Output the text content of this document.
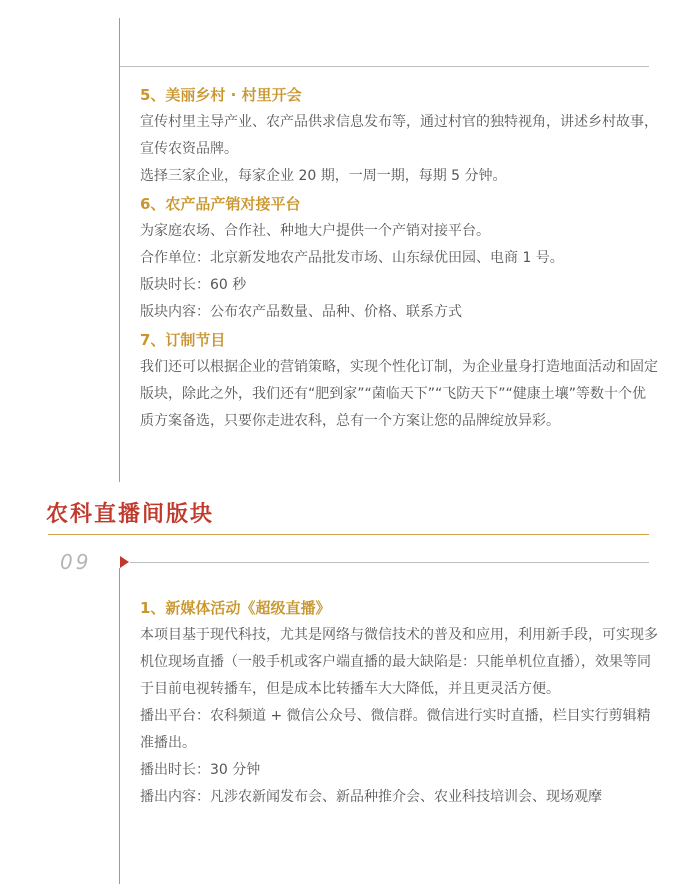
5、美丽乡村 · 村里开会

宣传村里主导产业、农产品供求信息发布等，通过村官的独特视角，讲述乡村故事，宣传农资品牌。

选择三家企业，每家企业 20 期，一周一期，每期 5 分钟。

6、农产品产销对接平台

为家庭农场、合作社、种地大户提供一个产销对接平台。

合作单位：北京新发地农产品批发市场、山东绿优田园、电商 1 号。

版块时长：60 秒

版块内容：公布农产品数量、品种、价格、联系方式

7、订制节目

我们还可以根据企业的营销策略，实现个性化订制，为企业量身打造地面活动和固定版块，除此之外，我们还有“肥到家”“菌临天下”“飞防天下”“健康土壤”等数十个优质方案备选，只要你走进农科，总有一个方案让您的品牌绽放异彩。

农科直播间版块
09
1、新媒体活动《超级直播》

本项目基于现代科技，尤其是网络与微信技术的普及和应用，利用新手段，可实现多机位现场直播（一般手机或客户端直播的最大缺陷是：只能单机位直播），效果等同于目前电视转播车，但是成本比转播车大大降低，并且更灵活方便。

播出平台：农科频道 + 微信公众号、微信群。微信进行实时直播，栏目实行剪辑精准播出。

播出时长：30 分钟

播出内容：凡涉农新闻发布会、新品种推介会、农业科技培训会、现场观摩
